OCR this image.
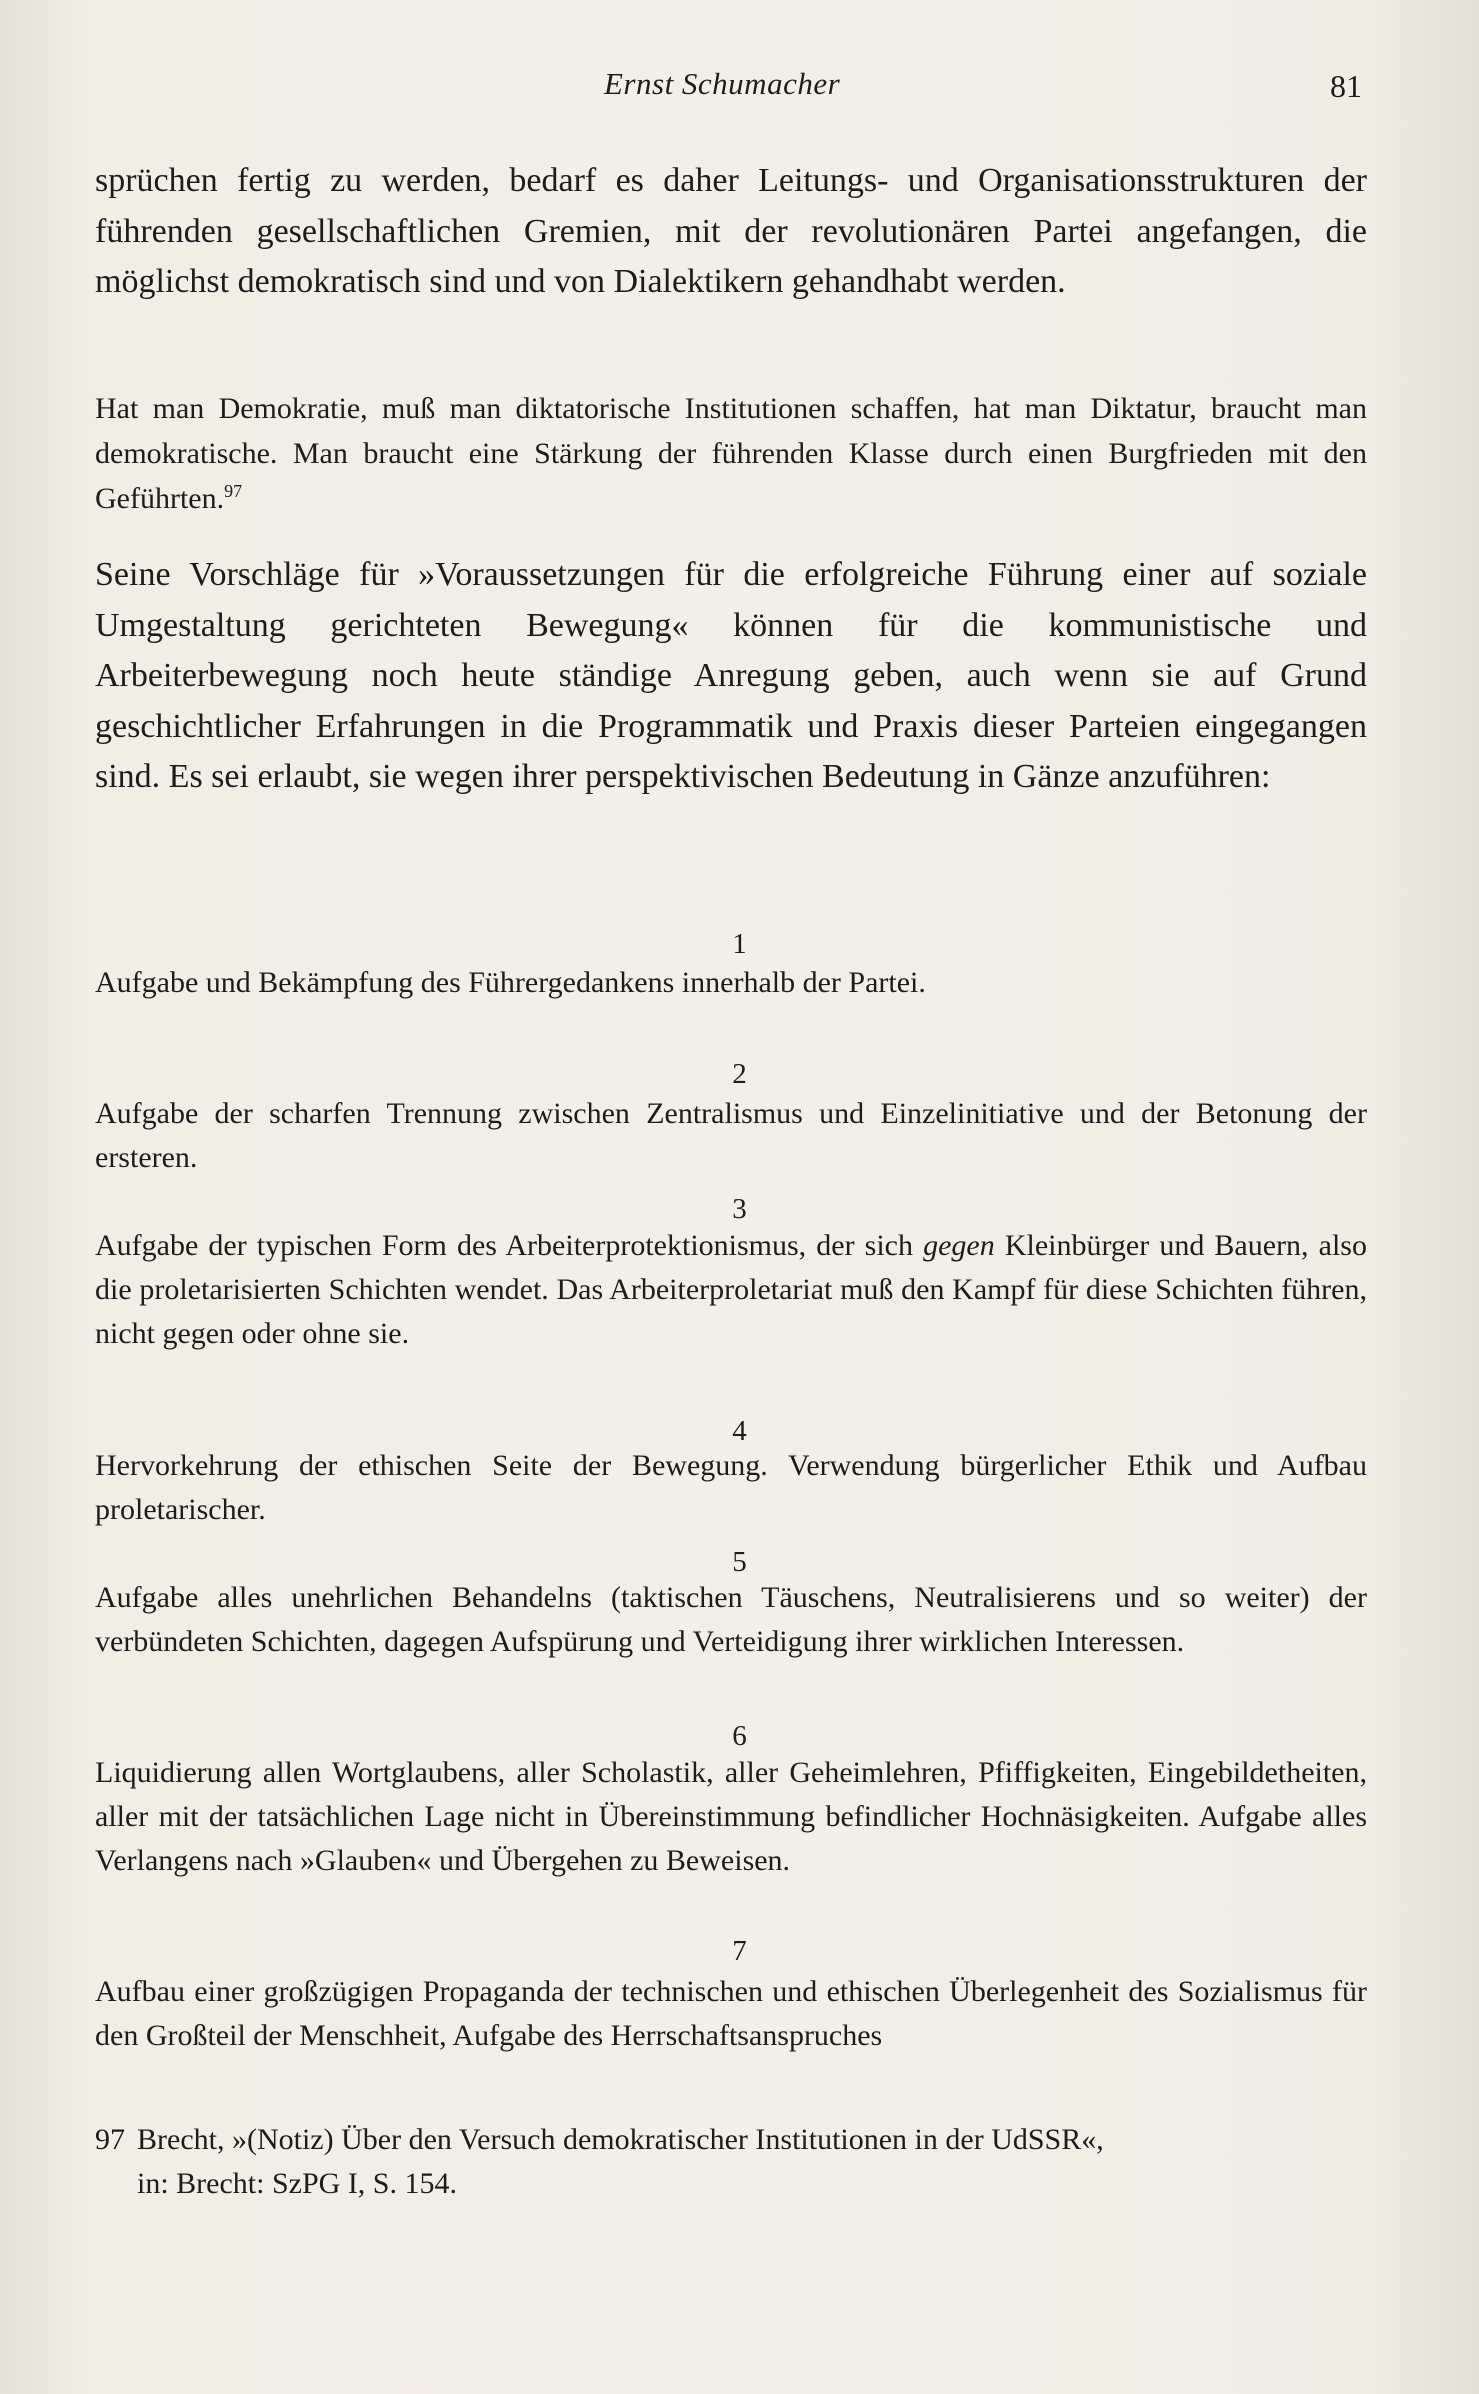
Ernst Schumacher	81
sprüchen fertig zu werden, bedarf es daher Leitungs- und Organisationsstrukturen der führenden gesellschaftlichen Gremien, mit der revolutionären Partei angefangen, die möglichst demokratisch sind und von Dialektikern gehandhabt werden.
Hat man Demokratie, muß man diktatorische Institutionen schaffen, hat man Diktatur, braucht man demokratische. Man braucht eine Stärkung der führenden Klasse durch einen Burgfrieden mit den Geführten.$^{97}$
Seine Vorschläge für »Voraussetzungen für die erfolgreiche Führung einer auf soziale Umgestaltung gerichteten Bewegung« können für die kommunistische und Arbeiterbewegung noch heute ständige Anregung geben, auch wenn sie auf Grund geschichtlicher Erfahrungen in die Programmatik und Praxis dieser Parteien eingegangen sind. Es sei erlaubt, sie wegen ihrer perspektivischen Bedeutung in Gänze anzuführen:
1
Aufgabe und Bekämpfung des Führergedankens innerhalb der Partei.
2
Aufgabe der scharfen Trennung zwischen Zentralismus und Einzelinitiative und der Betonung der ersteren.
3
Aufgabe der typischen Form des Arbeiterprotektionismus, der sich gegen Kleinbürger und Bauern, also die proletarisierten Schichten wendet. Das Arbeiterproletariat muß den Kampf für diese Schichten führen, nicht gegen oder ohne sie.
4
Hervorkehrung der ethischen Seite der Bewegung. Verwendung bürgerlicher Ethik und Aufbau proletarischer.
5
Aufgabe alles unehrlichen Behandelns (taktischen Täuschens, Neutralisierens und so weiter) der verbündeten Schichten, dagegen Aufspürung und Verteidigung ihrer wirklichen Interessen.
6
Liquidierung allen Wortglaubens, aller Scholastik, aller Geheimlehren, Pfiffigkeiten, Eingebildetheiten, aller mit der tatsächlichen Lage nicht in Übereinstimmung befindlicher Hochnäsigkeiten. Aufgabe alles Verlangens nach »Glauben« und Übergehen zu Beweisen.
7
Aufbau einer großzügigen Propaganda der technischen und ethischen Überlegenheit des Sozialismus für den Großteil der Menschheit, Aufgabe des Herrschaftsanspruches
97 Brecht, »(Notiz) Über den Versuch demokratischer Institutionen in der UdSSR«,
in: Brecht: SzPG I, S. 154.
